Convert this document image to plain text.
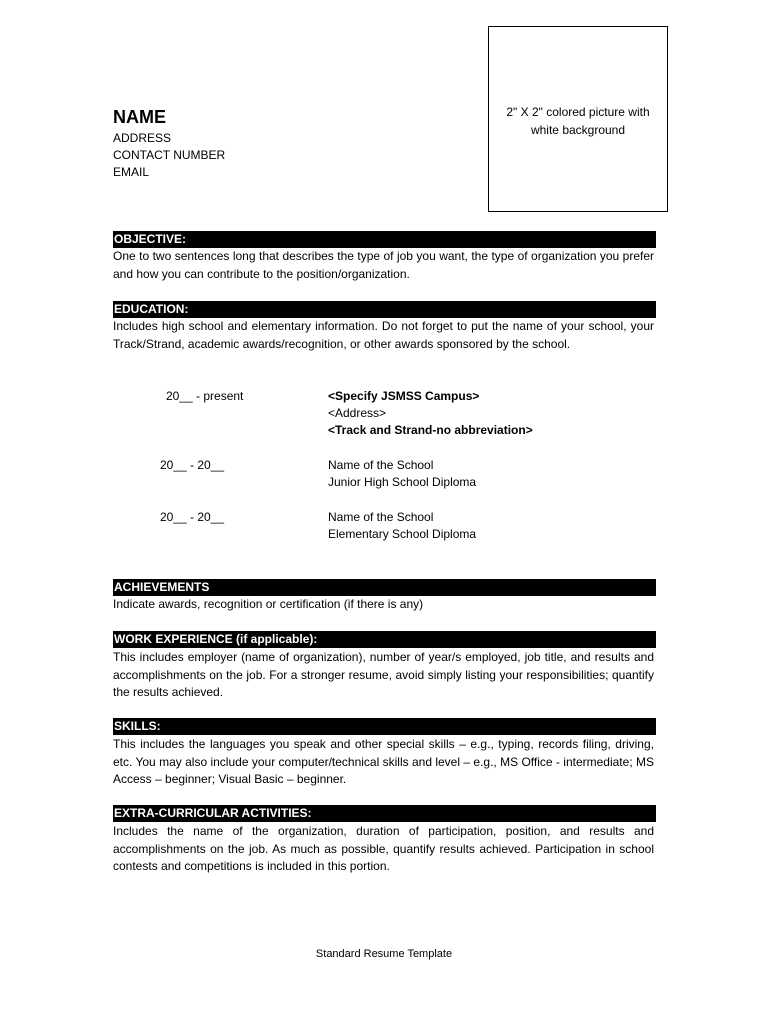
2" X 2" colored picture with white background
NAME
ADDRESS
CONTACT NUMBER
EMAIL
OBJECTIVE:
One to two sentences long that describes the type of job you want, the type of organization you prefer and how you can contribute to the position/organization.
EDUCATION:
Includes high school and elementary information. Do not forget to put the name of your school, your Track/Strand, academic awards/recognition, or other awards sponsored by the school.
20__ - present	<Specify JSMSS Campus>
<Address>
<Track and Strand-no abbreviation>
20__ - 20__	Name of the School
Junior High School Diploma
20__ - 20__	Name of the School
Elementary School Diploma
ACHIEVEMENTS
Indicate awards, recognition or certification (if there is any)
WORK EXPERIENCE (if applicable):
This includes employer (name of organization), number of year/s employed, job title, and results and accomplishments on the job. For a stronger resume, avoid simply listing your responsibilities; quantify the results achieved.
SKILLS:
This includes the languages you speak and other special skills – e.g., typing, records filing, driving, etc. You may also include your computer/technical skills and level – e.g., MS Office - intermediate; MS Access – beginner; Visual Basic – beginner.
EXTRA-CURRICULAR ACTIVITIES:
Includes the name of the organization, duration of participation, position, and results and accomplishments on the job. As much as possible, quantify results achieved. Participation in school contests and competitions is included in this portion.
Standard Resume Template
